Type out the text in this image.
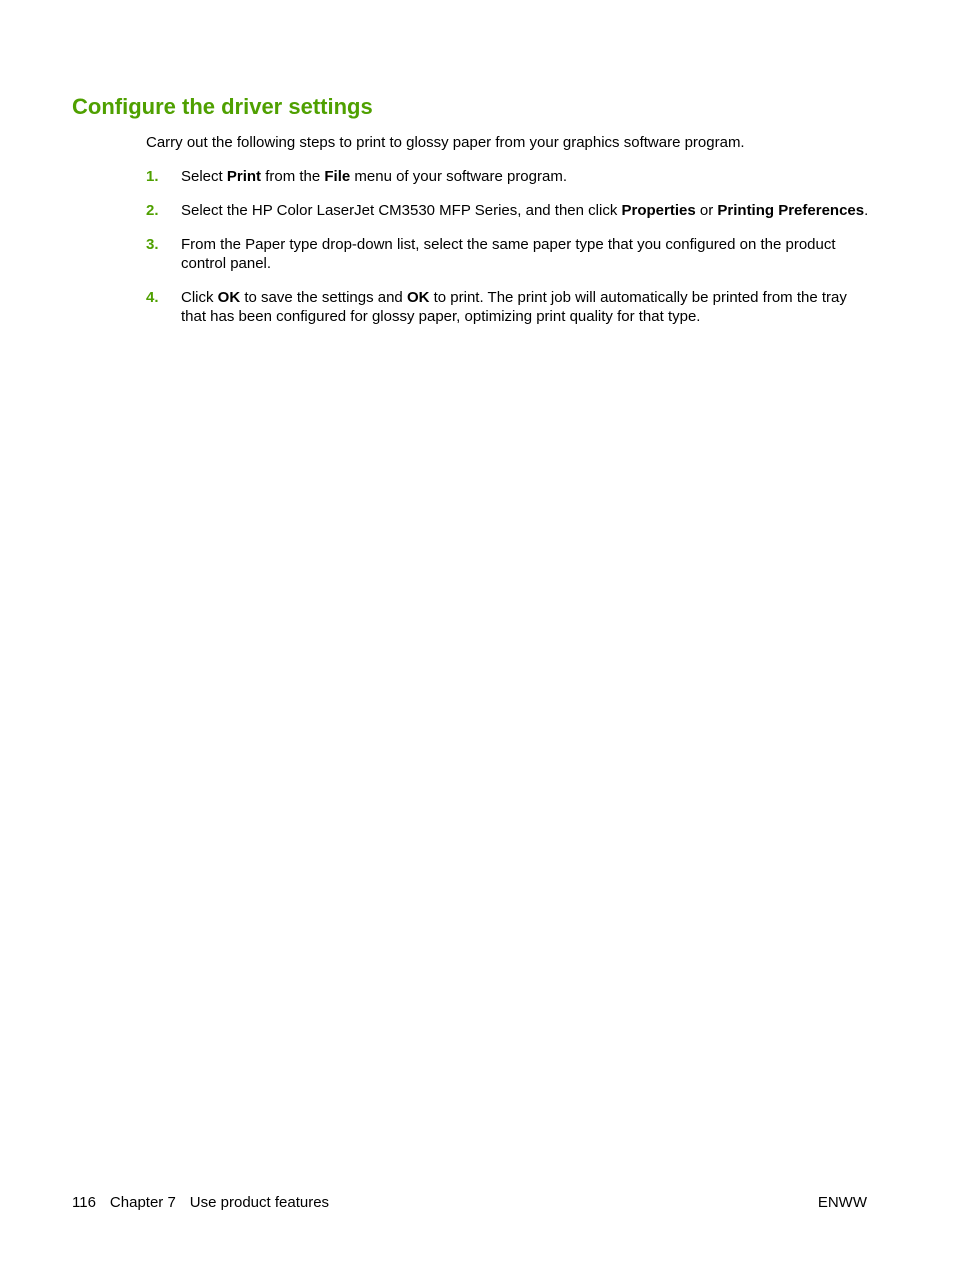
Configure the driver settings

Carry out the following steps to print to glossy paper from your graphics software program.

1. Select Print from the File menu of your software program.
2. Select the HP Color LaserJet CM3530 MFP Series, and then click Properties or Printing Preferences.
3. From the Paper type drop-down list, select the same paper type that you configured on the product control panel.
4. Click OK to save the settings and OK to print. The print job will automatically be printed from the tray that has been configured for glossy paper, optimizing print quality for that type.
116 Chapter 7 Use product features	ENWW
